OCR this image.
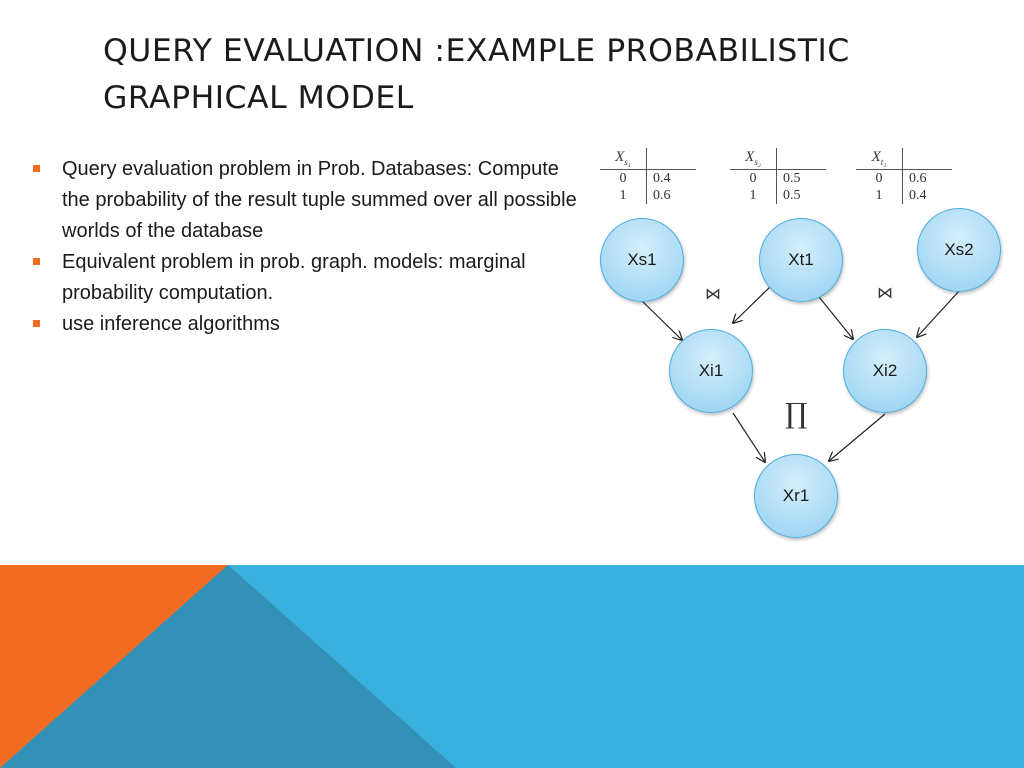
QUERY EVALUATION :EXAMPLE PROBABILISTIC GRAPHICAL MODEL
Query evaluation problem in Prob. Databases: Compute the probability of the result tuple summed over all possible worlds of the database
Equivalent problem in prob. graph. models: marginal probability computation.
use inference algorithms
$X_{s_1}$
0	0.4
1	0.6
$X_{s_2}$
0	0.5
1	0.5
$X_{t_1}$
0	0.6
1	0.4
⋈	⋈
∏
Xs1	Xt1
Xs2
Xi1	Xi2
Xr1
